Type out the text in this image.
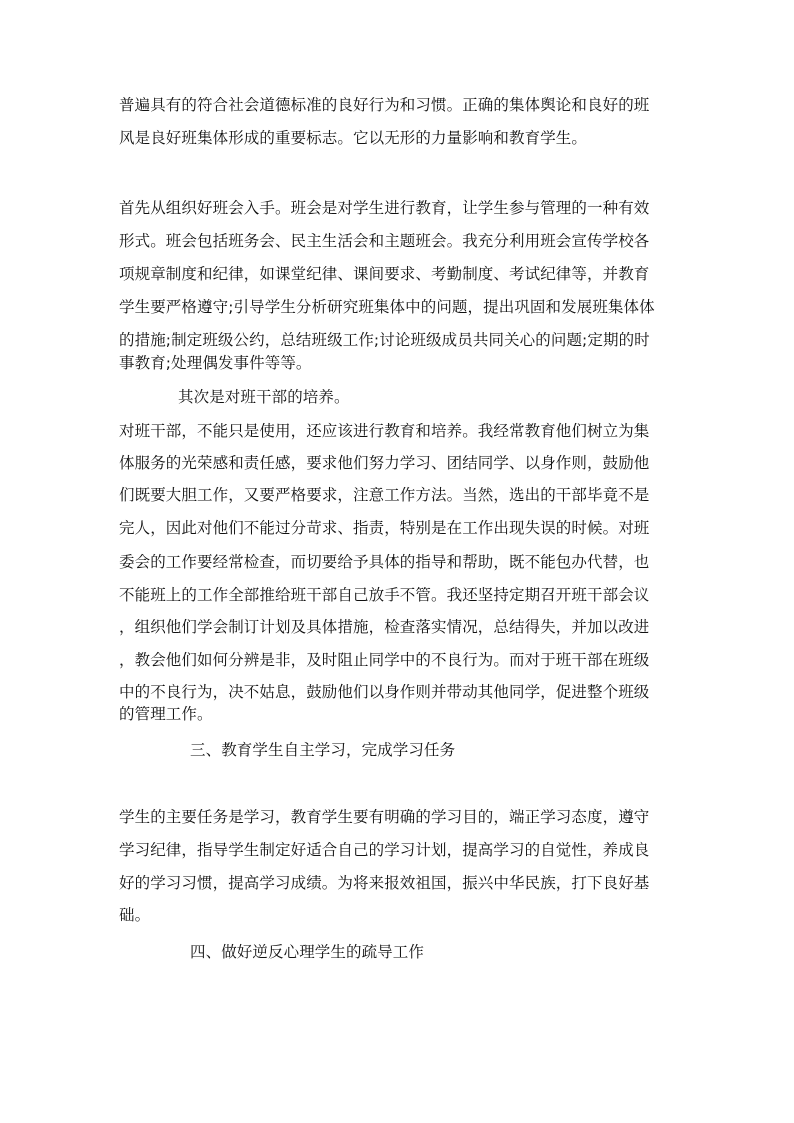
普遍具有的符合社会道德标准的良好行为和习惯。正确的集体舆论和良好的班
风是良好班集体形成的重要标志。它以无形的力量影响和教育学生。
首先从组织好班会入手。班会是对学生进行教育，让学生参与管理的一种有效
形式。班会包括班务会、民主生活会和主题班会。我充分利用班会宣传学校各
项规章制度和纪律，如课堂纪律、课间要求、考勤制度、考试纪律等，并教育
学生要严格遵守;引导学生分析研究班集体中的问题，提出巩固和发展班集体体
的措施;制定班级公约，总结班级工作;讨论班级成员共同关心的问题;定期的时
事教育;处理偶发事件等等。
其次是对班干部的培养。
对班干部，不能只是使用，还应该进行教育和培养。我经常教育他们树立为集
体服务的光荣感和责任感，要求他们努力学习、团结同学、以身作则，鼓励他
们既要大胆工作，又要严格要求，注意工作方法。当然，选出的干部毕竟不是
完人，因此对他们不能过分苛求、指责，特别是在工作出现失误的时候。对班
委会的工作要经常检查，而切要给予具体的指导和帮助，既不能包办代替，也
不能班上的工作全部推给班干部自己放手不管。我还坚持定期召开班干部会议
，组织他们学会制订计划及具体措施，检查落实情况，总结得失，并加以改进
，教会他们如何分辨是非，及时阻止同学中的不良行为。而对于班干部在班级
中的不良行为，决不姑息，鼓励他们以身作则并带动其他同学，促进整个班级
的管理工作。
三、教育学生自主学习，完成学习任务
学生的主要任务是学习，教育学生要有明确的学习目的，端正学习态度，遵守
学习纪律，指导学生制定好适合自己的学习计划，提高学习的自觉性，养成良
好的学习习惯，提高学习成绩。为将来报效祖国，振兴中华民族，打下良好基
础。
四、做好逆反心理学生的疏导工作
